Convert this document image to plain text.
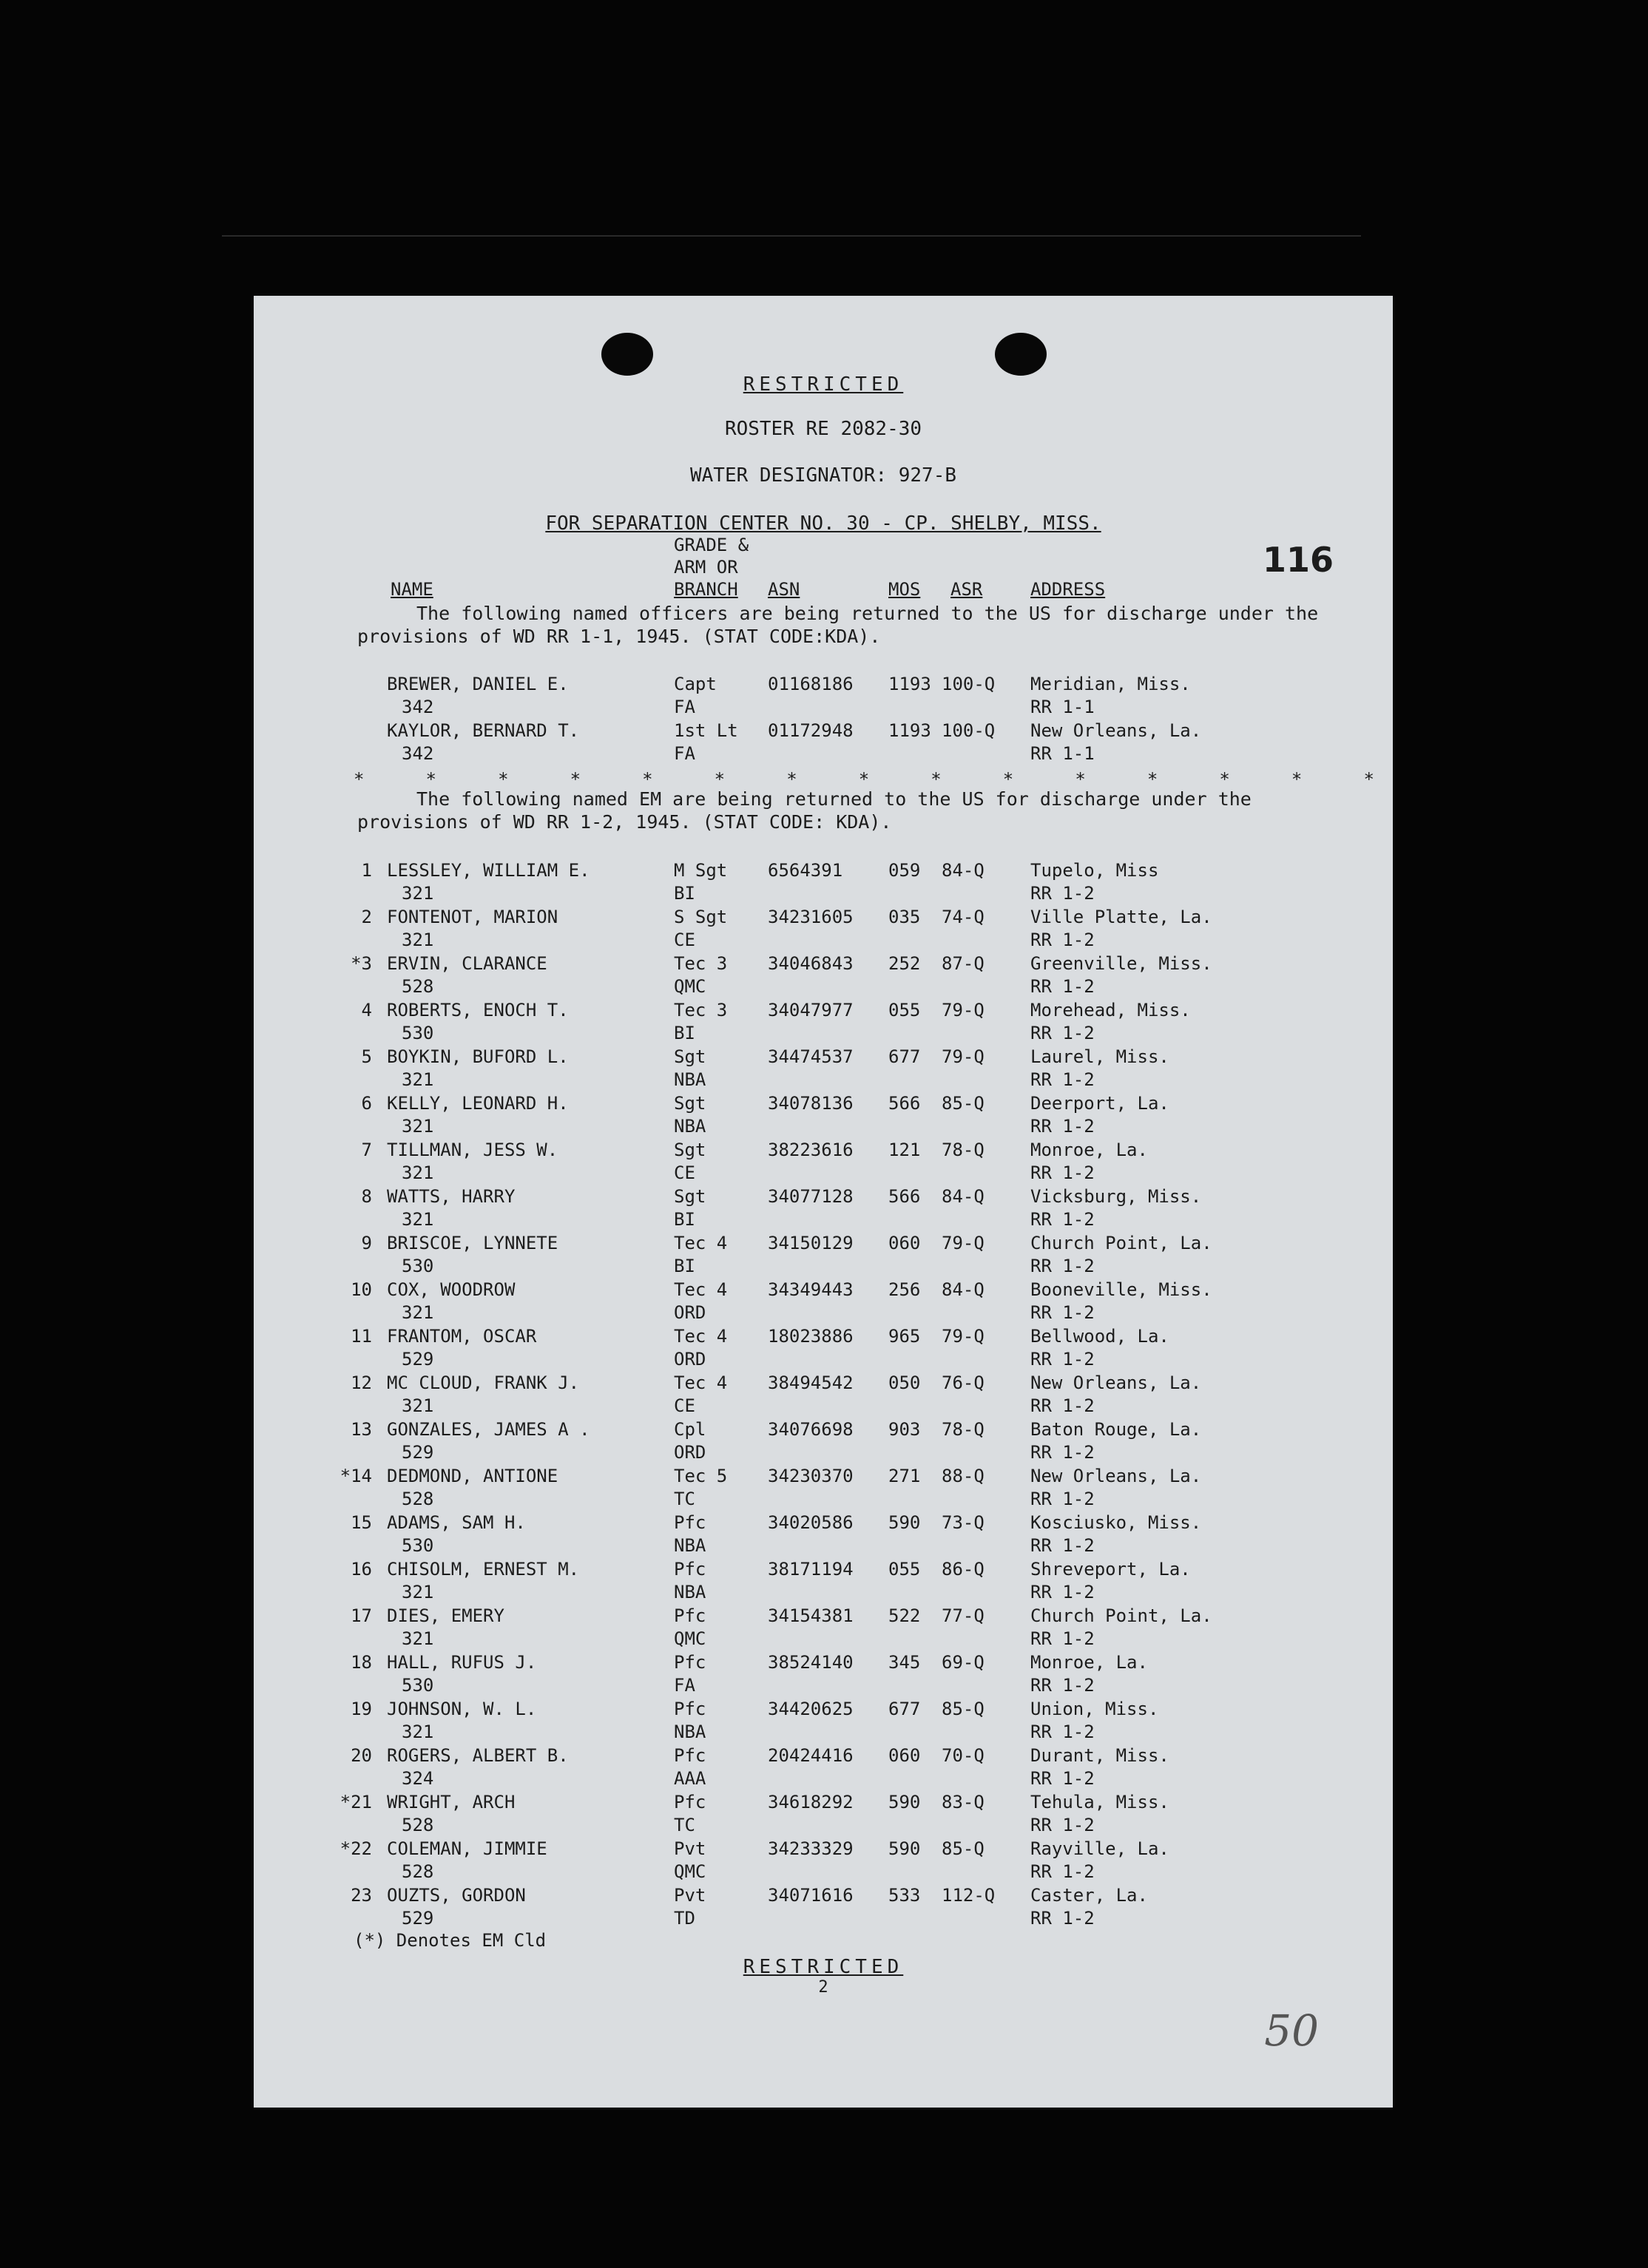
RESTRICTED
ROSTER RE 2082-30
WATER DESIGNATOR: 927-B
FOR SEPARATION CENTER NO. 30 - CP. SHELBY, MISS.
116
NAME
GRADE &
ARM OR
BRANCH	ASN	MOS ASR	ADDRESS
The following named officers are being returned to the US for discharge under the provisions of WD RR 1-1, 1945. (STAT CODE:KDA).
BREWER, DANIEL E.	Capt	01168186 1193 100-Q Meridian, Miss.
342	FA	RR 1-1
KAYLOR, BERNARD T.	1st Lt 01172948 1193 100-Q New Orleans, La.
342	FA	RR 1-1
*	*	*	*	*	*	*	*	*	*	*	*	*	*	*
The following named EM are being returned to the US for discharge under the provisions of WD RR 1-2, 1945. (STAT CODE: KDA).
1 LESSLEY, WILLIAM E.	M Sgt 6564391	059 84-Q	Tupelo, Miss
321	BI	RR 1-2
2 FONTENOT, MARION	S Sgt 34231605 035 74-Q	Ville Platte, La.
321	CE	RR 1-2
*3 ERVIN, CLARANCE	Tec 3 34046843 252 87-Q	Greenville, Miss.
528	QMC	RR 1-2
4 ROBERTS, ENOCH T.	Tec 3 34047977 055 79-Q	Morehead, Miss.
530	BI	RR 1-2
5 BOYKIN, BUFORD L.	Sgt	34474537 677 79-Q	Laurel, Miss.
321	NBA	RR 1-2
6 KELLY, LEONARD H.	Sgt	34078136 566 85-Q	Deerport, La.
321	NBA	RR 1-2
7 TILLMAN, JESS W.	Sgt	38223616 121 78-Q	Monroe, La.
321	CE	RR 1-2
8 WATTS, HARRY	Sgt	34077128 566 84-Q	Vicksburg, Miss.
321	BI	RR 1-2
9 BRISCOE, LYNNETE	Tec 4 34150129 060 79-Q	Church Point, La.
530	BI	RR 1-2
10 COX, WOODROW	Tec 4 34349443 256 84-Q	Booneville, Miss.
321	ORD	RR 1-2
11 FRANTOM, OSCAR	Tec 4 18023886 965 79-Q	Bellwood, La.
529	ORD	RR 1-2
12 MC CLOUD, FRANK J.	Tec 4 38494542 050 76-Q	New Orleans, La.
321	CE	RR 1-2
13 GONZALES, JAMES A .	Cpl	34076698 903 78-Q	Baton Rouge, La.
529	ORD	RR 1-2
*14 DEDMOND, ANTIONE	Tec 5 34230370 271 88-Q	New Orleans, La.
528	TC	RR 1-2
15 ADAMS, SAM H.	Pfc	34020586 590 73-Q	Kosciusko, Miss.
530	NBA	RR 1-2
16 CHISOLM, ERNEST M.	Pfc	38171194 055 86-Q	Shreveport, La.
321	NBA	RR 1-2
17 DIES, EMERY	Pfc	34154381 522 77-Q	Church Point, La.
321	QMC	RR 1-2
18 HALL, RUFUS J.	Pfc	38524140 345 69-Q	Monroe, La.
530	FA	RR 1-2
19 JOHNSON, W. L.	Pfc	34420625 677 85-Q	Union, Miss.
321	NBA	RR 1-2
20 ROGERS, ALBERT B.	Pfc	20424416 060 70-Q	Durant, Miss.
324	AAA	RR 1-2
*21 WRIGHT, ARCH	Pfc	34618292 590 83-Q	Tehula, Miss.
528	TC	RR 1-2
*22 COLEMAN, JIMMIE	Pvt	34233329 590 85-Q	Rayville, La.
528	QMC	RR 1-2
23 OUZTS, GORDON	Pvt	34071616 533 112-Q Caster, La.
529	TD	RR 1-2
(*) Denotes EM Cld
RESTRICTED
2
50
